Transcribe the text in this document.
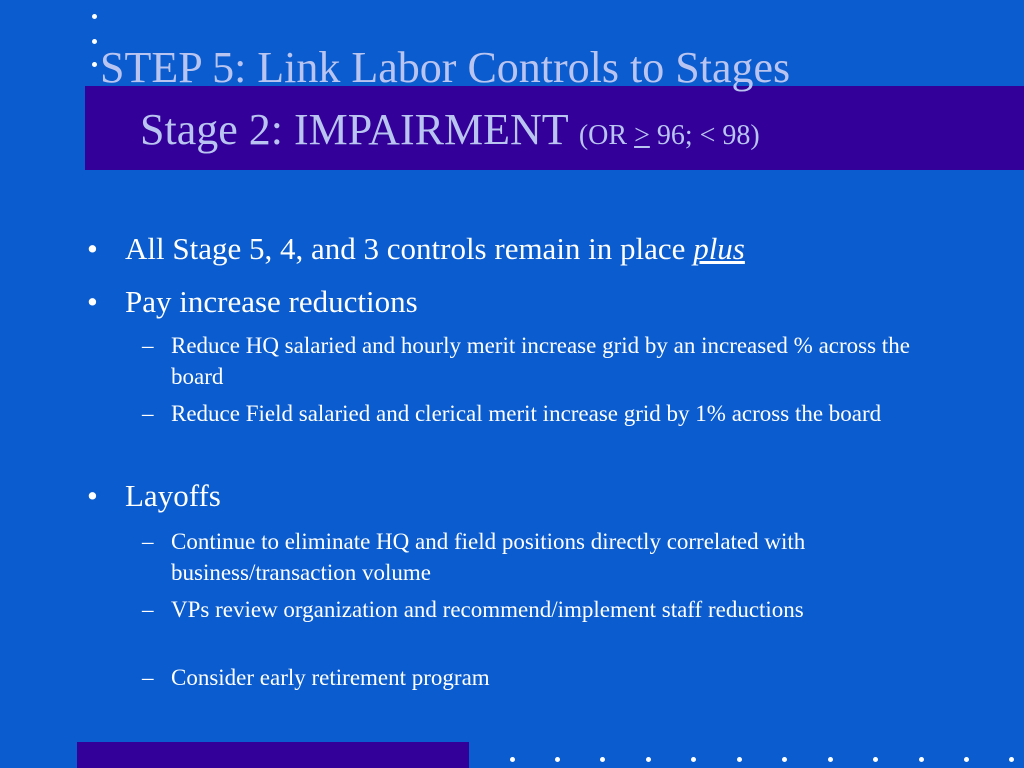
STEP 5: Link Labor Controls to Stages
Stage 2: IMPAIRMENT (OR > 96; < 98)
• All Stage 5, 4, and 3 controls remain in place plus
• Pay increase reductions
– Reduce HQ salaried and hourly merit increase grid by an increased % across the board
– Reduce Field salaried and clerical merit increase grid by 1% across the board
• Layoffs
– Continue to eliminate HQ and field positions directly correlated with business/transaction volume
– VPs review organization and recommend/implement staff reductions
– Consider early retirement program
